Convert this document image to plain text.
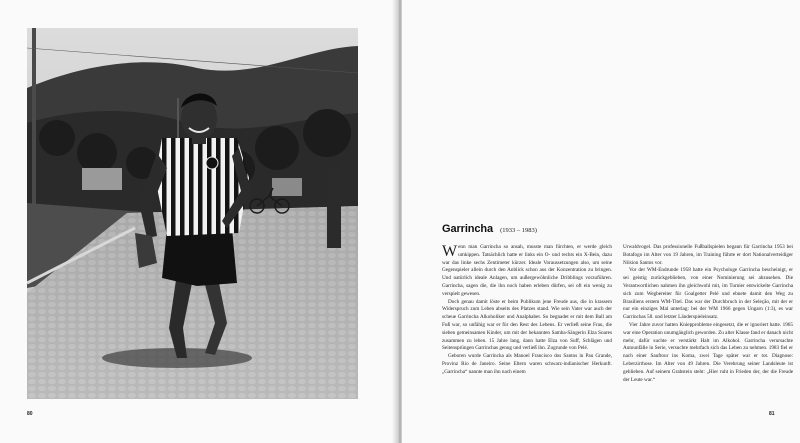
80
Garrincha (1933 – 1983)

Wenn man Garrincha so ansah, musste man fürchten, er werde gleich umkippen. Tatsächlich hatte er links ein O- und rechts ein X-Bein, dazu war das linke sechs Zentimeter kürzer. Ideale Voraussetzungen also, um seine Gegenspieler allein durch den Anblick schon aus der Konzentration zu bringen. Und natürlich ideale Anlagen, um außergewöhnliche Dribblings vorzuführen. Garrincha, sagen die, die ihn noch haben erleben dürfen, sei oft ein wenig zu verspielt gewesen.

Doch genau damit löste er beim Publikum jene Freude aus, die in krassem Widerspruch zum Leben abseits des Platzes stand. Wie sein Vater war auch der scheue Garrincha Alkoholiker und Analphabet. So begnadet er mit dem Ball am Fuß war, so unfähig war er für den Rest des Lebens. Er verließ seine Frau, die sieben gemeinsamen Kinder, um mit der bekannten Samba-Sängerin Elza Soares zusammen zu leben. 15 Jahre lang, dann hatte Elza von Suff, Schlägen und Seitensprüngen Garrinchas genug und verließ ihn. Zugrunde von Pelé.

Geboren wurde Garrincha als Manoel Francisco dos Santos in Pau Grande, Provinz Rio de Janeiro. Seine Eltern waren schwarz-indianischer Herkunft. „Garrincha“ nannte man ihn nach einem

Urwaldvogel. Das professionelle Fußballspielen begann für Garrincha 1953 bei Botafogo im Alter von 19 Jahren, im Training führte er dort Nationalverteidiger Nilsion Santos vor.

Vor der WM-Endrunde 1958 hatte ein Psychologe Garrincha bescheinigt, er sei geistig zurückgeblieben, von einer Nominierung sei abzusehen. Die Verantwortlichen nahmen ihn gleichwohl mit, im Turnier entwickelte Garrincha sich zum Wegbereiter für Goalgetter Pelé und ebnete damit den Weg zu Brasiliens erstem WM-Titel. Das war der Durchbruch in der Seleção, mit der er nur ein einziges Mal unterlag: bei der WM 1966 gegen Ungarn (1:3), es war Garrinchas 58. und letzter Länderspieleinsatz.

Vier Jahre zuvor hatten Kniepprobleme eingesetzt, die er ignoriert hatte. 1965 war eine Operation unumgänglich geworden. Zu alter Klasse fand er danach nicht mehr, dafür suchte er verstärkt Halt im Alkohol. Garrincha verursachte Autounfälle in Serie, versuchte mehrfach sich das Leben zu nehmen. 1983 fiel er nach einer Sauftour ins Koma, zwei Tage später war er tot. Diagnose: Leberzirrhose. Im Alter von 49 Jahren. Die Verehrung seiner Landsleute ist geblieben. Auf seinem Grabstein steht: „Hier ruht in Frieden der, der die Freude der Leute war.“

81
